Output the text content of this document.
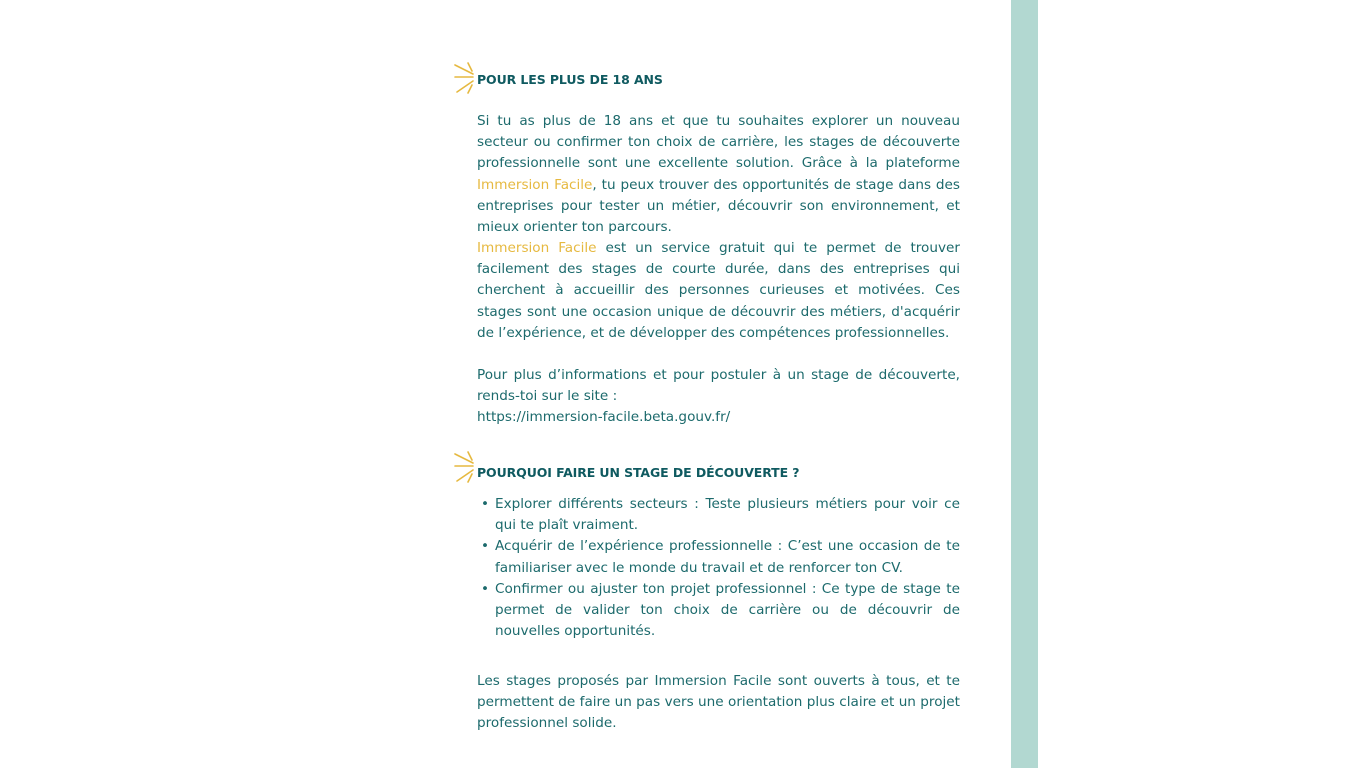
POUR LES PLUS DE 18 ANS

Si tu as plus de 18 ans et que tu souhaites explorer un nouveau secteur ou confirmer ton choix de carrière, les stages de découverte professionnelle sont une excellente solution. Grâce à la plateforme Immersion Facile, tu peux trouver des opportunités de stage dans des entreprises pour tester un métier, découvrir son environnement, et mieux orienter ton parcours.

Immersion Facile est un service gratuit qui te permet de trouver facilement des stages de courte durée, dans des entreprises qui cherchent à accueillir des personnes curieuses et motivées. Ces stages sont une occasion unique de découvrir des métiers, d'acquérir de l’expérience, et de développer des compétences professionnelles.

Pour plus d’informations et pour postuler à un stage de découverte, rends-toi sur le site :
https://immersion-facile.beta.gouv.fr/

POURQUOI FAIRE UN STAGE DE DÉCOUVERTE ?
• Explorer différents secteurs : Teste plusieurs métiers pour voir ce qui te plaît vraiment.
• Acquérir de l’expérience professionnelle : C’est une occasion de te familiariser avec le monde du travail et de renforcer ton CV.
• Confirmer ou ajuster ton projet professionnel : Ce type de stage te permet de valider ton choix de carrière ou de découvrir de nouvelles opportunités.

Les stages proposés par Immersion Facile sont ouverts à tous, et te permettent de faire un pas vers une orientation plus claire et un projet professionnel solide.
